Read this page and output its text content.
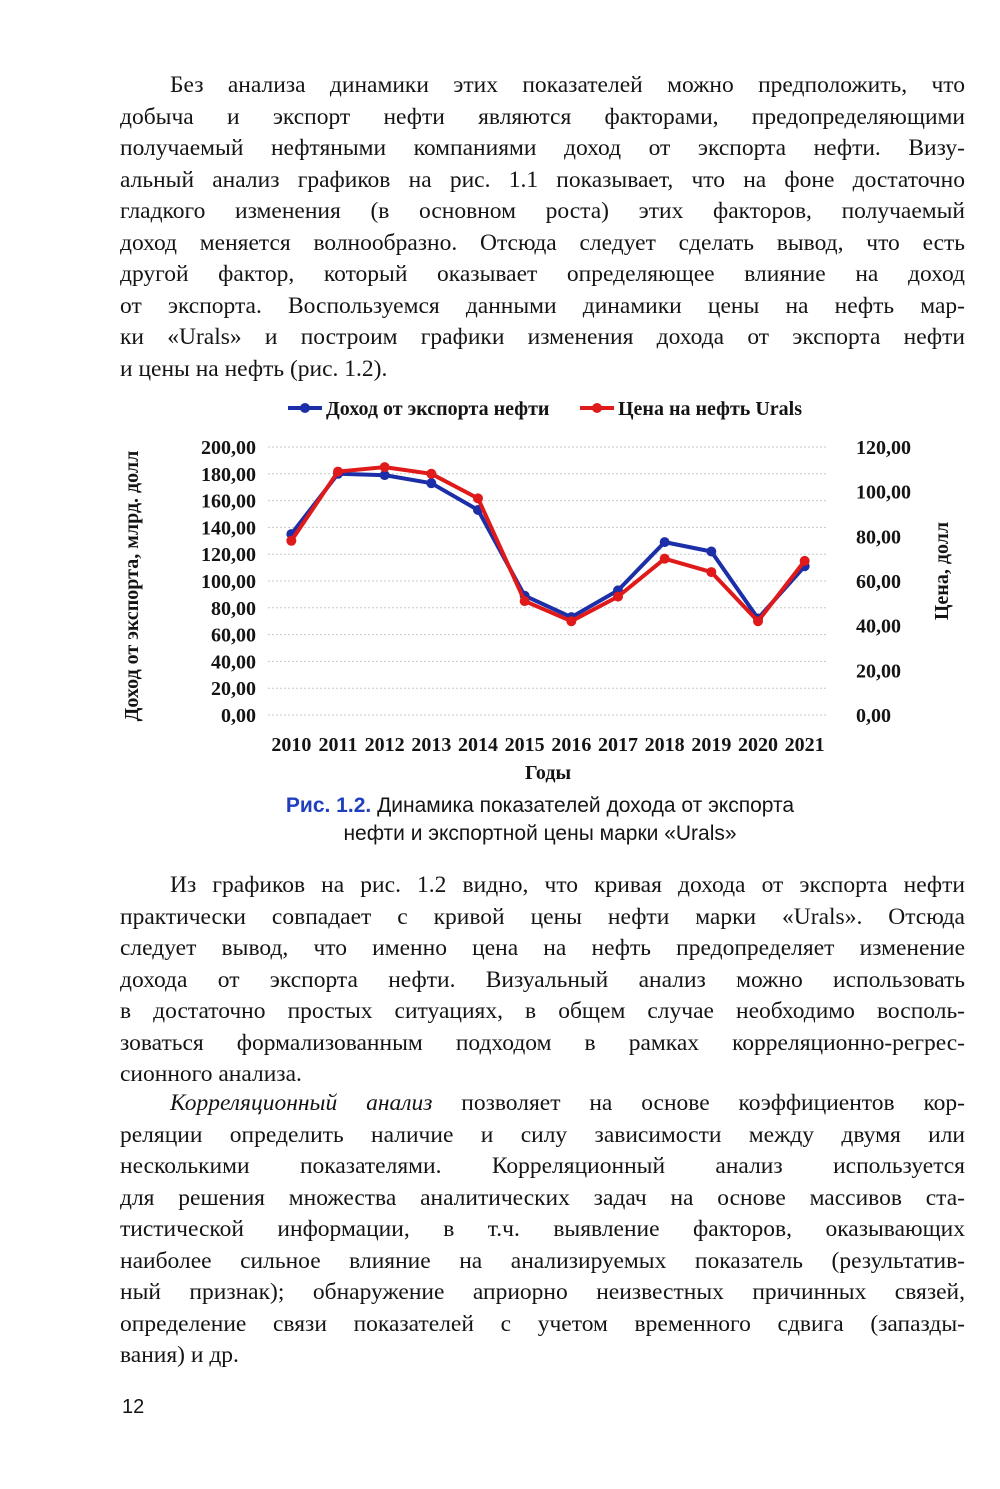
Без анализа динамики этих показателей можно предположить, что
добыча и экспорт нефти являются факторами, предопределяющими
получаемый нефтяными компаниями доход от экспорта нефти. Визу-
альный анализ графиков на рис. 1.1 показывает, что на фоне достаточно
гладкого изменения (в основном роста) этих факторов, получаемый
доход меняется волнообразно. Отсюда следует сделать вывод, что есть
другой фактор, который оказывает определяющее влияние на доход
от экспорта. Воспользуемся данными динамики цены на нефть мар-
ки «Urals» и построим графики изменения дохода от экспорта нефти
и цены на нефть (рис. 1.2).
0,00
20,00
40,00
60,00
80,00
100,00
120,00
140,00
160,00
180,00
200,00
0,00
20,00
40,00
60,00
80,00
100,00
120,00
2010 2011 2012 2013 2014 2015 2016 2017 2018 2019 2020 2021
Годы
Доход от экспорта, млрд. долл	Цена, долл
Доход от экспорта нефти	Цена на нефть Urals
Рис. 1.2. Динамика показателей дохода от экспорта
нефти и экспортной цены марки «Urals»
Из графиков на рис. 1.2 видно, что кривая дохода от экспорта нефти
практически совпадает с кривой цены нефти марки «Urals». Отсюда
следует вывод, что именно цена на нефть предопределяет изменение
дохода от экспорта нефти. Визуальный анализ можно использовать
в достаточно простых ситуациях, в общем случае необходимо восполь-
зоваться формализованным подходом в рамках корреляционно-регрес-
сионного анализа.
Корреляционный анализ позволяет на основе коэффициентов кор-
реляции определить наличие и силу зависимости между двумя или
несколькими показателями. Корреляционный анализ используется
для решения множества аналитических задач на основе массивов ста-
тистической информации, в т.ч. выявление факторов, оказывающих
наиболее сильное влияние на анализируемых показатель (результатив-
ный признак); обнаружение априорно неизвестных причинных связей,
определение связи показателей с учетом временного сдвига (запазды-
вания) и др.
12
